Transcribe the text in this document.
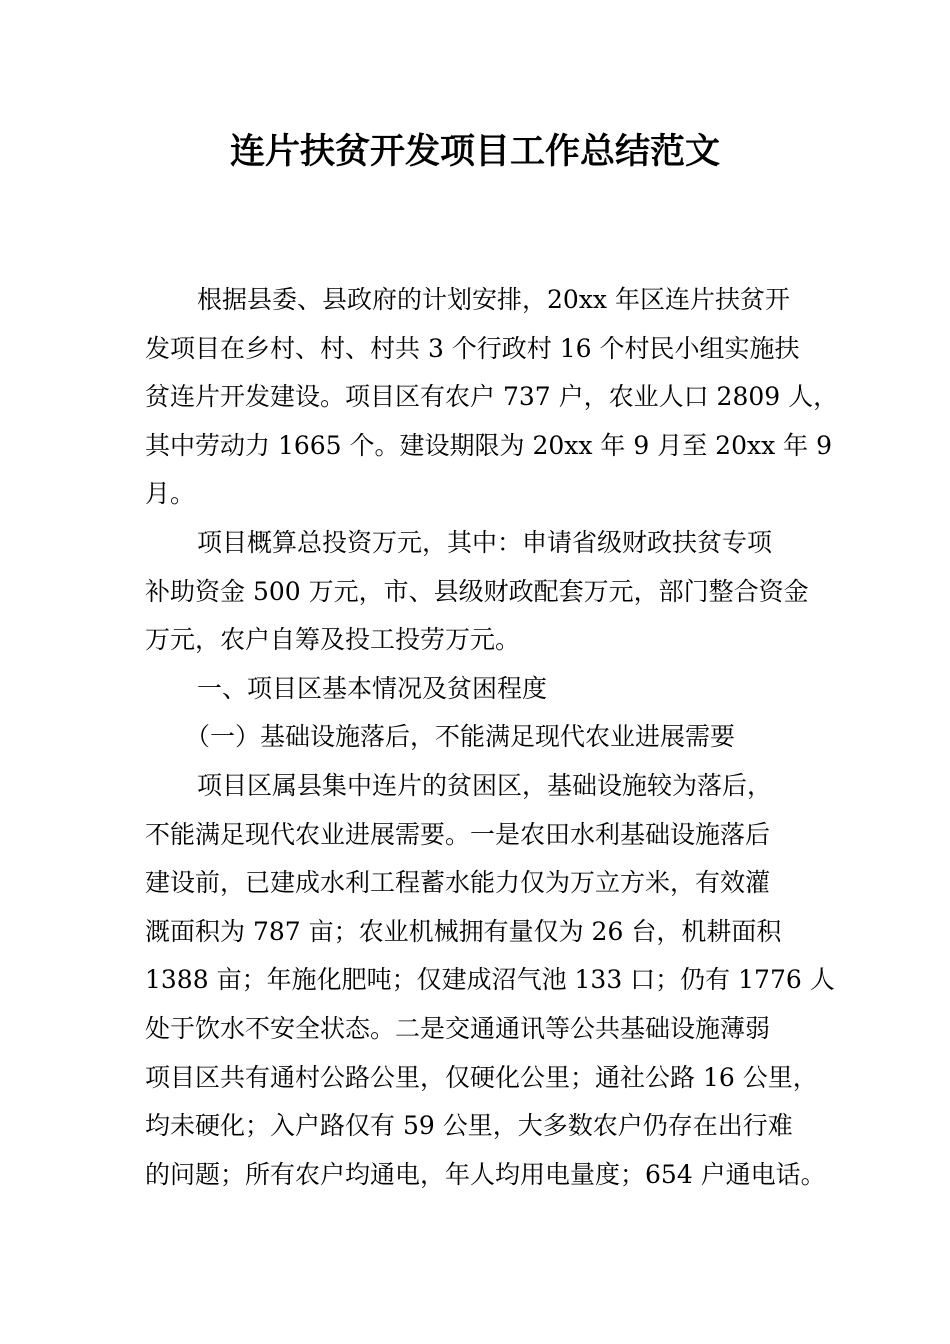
连片扶贫开发项目工作总结范文
根据县委、县政府的计划安排，20xx 年区连片扶贫开
发项目在乡村、村、村共 3 个行政村 16 个村民小组实施扶
贫连片开发建设。项目区有农户 737 户，农业人口 2809 人，
其中劳动力 1665 个。建设期限为 20xx 年 9 月至 20xx 年 9
月。
项目概算总投资万元，其中：申请省级财政扶贫专项
补助资金 500 万元，市、县级财政配套万元，部门整合资金
万元，农户自筹及投工投劳万元。
一、项目区基本情况及贫困程度
（一）基础设施落后，不能满足现代农业进展需要
项目区属县集中连片的贫困区，基础设施较为落后，
不能满足现代农业进展需要。一是农田水利基础设施落后
建设前，已建成水利工程蓄水能力仅为万立方米，有效灌
溉面积为 787 亩；农业机械拥有量仅为 26 台，机耕面积
1388 亩；年施化肥吨；仅建成沼气池 133 口；仍有 1776 人
处于饮水不安全状态。二是交通通讯等公共基础设施薄弱
项目区共有通村公路公里，仅硬化公里；通社公路 16 公里，
均未硬化；入户路仅有 59 公里，大多数农户仍存在出行难
的问题；所有农户均通电，年人均用电量度；654 户通电话。
